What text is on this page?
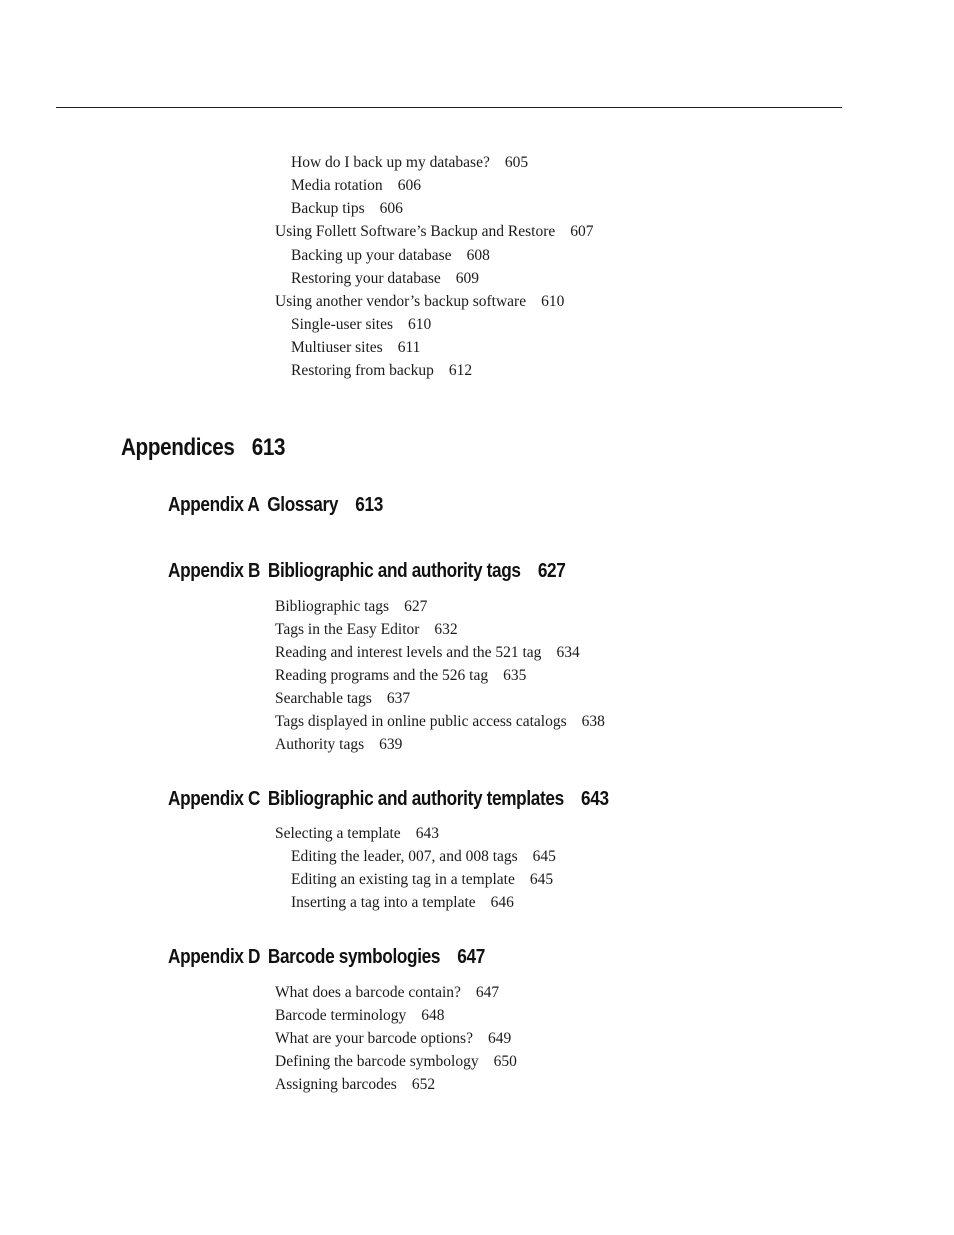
How do I back up my database? 605
Media rotation 606
Backup tips 606
Using Follett Software’s Backup and Restore 607
Backing up your database 608
Restoring your database 609
Using another vendor’s backup software 610
Single-user sites 610
Multiuser sites 611
Restoring from backup 612
Appendices 613
Appendix A Glossary 613
Appendix B Bibliographic and authority tags 627
Bibliographic tags 627
Tags in the Easy Editor 632
Reading and interest levels and the 521 tag 634
Reading programs and the 526 tag 635
Searchable tags 637
Tags displayed in online public access catalogs 638
Authority tags 639
Appendix C Bibliographic and authority templates 643
Selecting a template 643
Editing the leader, 007, and 008 tags 645
Editing an existing tag in a template 645
Inserting a tag into a template 646
Appendix D Barcode symbologies 647
What does a barcode contain? 647
Barcode terminology 648
What are your barcode options? 649
Defining the barcode symbology 650
Assigning barcodes 652
